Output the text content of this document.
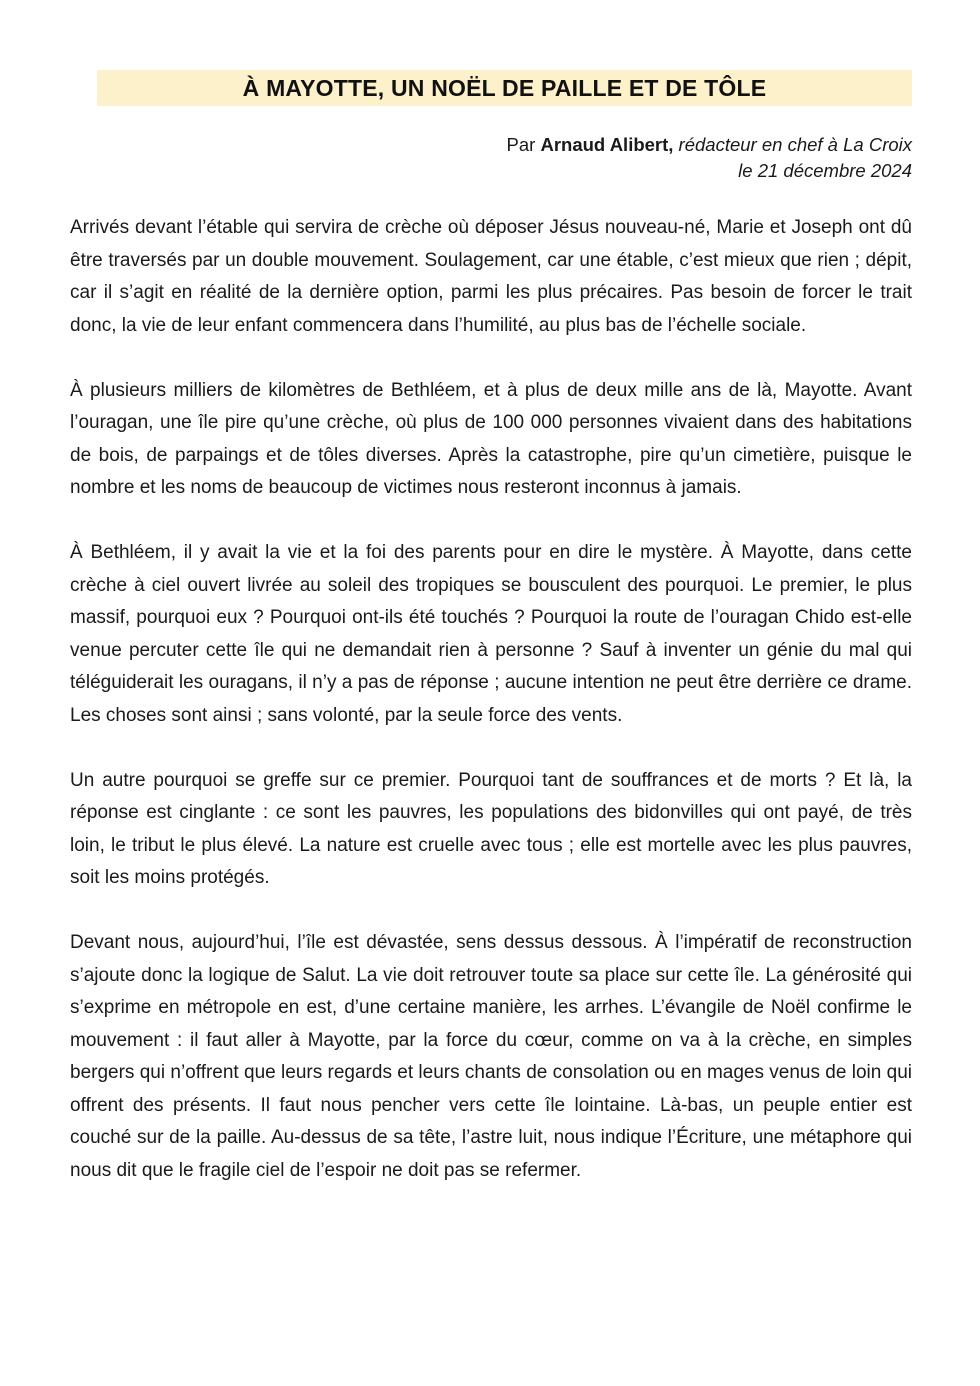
À MAYOTTE, UN NOËL DE PAILLE ET DE TÔLE
Par Arnaud Alibert, rédacteur en chef à La Croix
le 21 décembre 2024

Arrivés devant l’étable qui servira de crèche où déposer Jésus nouveau-né, Marie et Joseph ont dû être traversés par un double mouvement. Soulagement, car une étable, c’est mieux que rien ; dépit, car il s’agit en réalité de la dernière option, parmi les plus précaires. Pas besoin de forcer le trait donc, la vie de leur enfant commencera dans l’humilité, au plus bas de l’échelle sociale.

À plusieurs milliers de kilomètres de Bethléem, et à plus de deux mille ans de là, Mayotte. Avant l’ouragan, une île pire qu’une crèche, où plus de 100 000 personnes vivaient dans des habitations de bois, de parpaings et de tôles diverses. Après la catastrophe, pire qu’un cimetière, puisque le nombre et les noms de beaucoup de victimes nous resteront inconnus à jamais.

À Bethléem, il y avait la vie et la foi des parents pour en dire le mystère. À Mayotte, dans cette crèche à ciel ouvert livrée au soleil des tropiques se bousculent des pourquoi. Le premier, le plus massif, pourquoi eux ? Pourquoi ont-ils été touchés ? Pourquoi la route de l’ouragan Chido est-elle venue percuter cette île qui ne demandait rien à personne ? Sauf à inventer un génie du mal qui téléguiderait les ouragans, il n’y a pas de réponse ; aucune intention ne peut être derrière ce drame. Les choses sont ainsi ; sans volonté, par la seule force des vents.

Un autre pourquoi se greffe sur ce premier. Pourquoi tant de souffrances et de morts ? Et là, la réponse est cinglante : ce sont les pauvres, les populations des bidonvilles qui ont payé, de très loin, le tribut le plus élevé. La nature est cruelle avec tous ; elle est mortelle avec les plus pauvres, soit les moins protégés.

Devant nous, aujourd’hui, l’île est dévastée, sens dessus dessous. À l’impératif de reconstruction s’ajoute donc la logique de Salut. La vie doit retrouver toute sa place sur cette île. La générosité qui s’exprime en métropole en est, d’une certaine manière, les arrhes. L’évangile de Noël confirme le mouvement : il faut aller à Mayotte, par la force du cœur, comme on va à la crèche, en simples bergers qui n’offrent que leurs regards et leurs chants de consolation ou en mages venus de loin qui offrent des présents. Il faut nous pencher vers cette île lointaine. Là-bas, un peuple entier est couché sur de la paille. Au-dessus de sa tête, l’astre luit, nous indique l’Écriture, une métaphore qui nous dit que le fragile ciel de l’espoir ne doit pas se refermer.
